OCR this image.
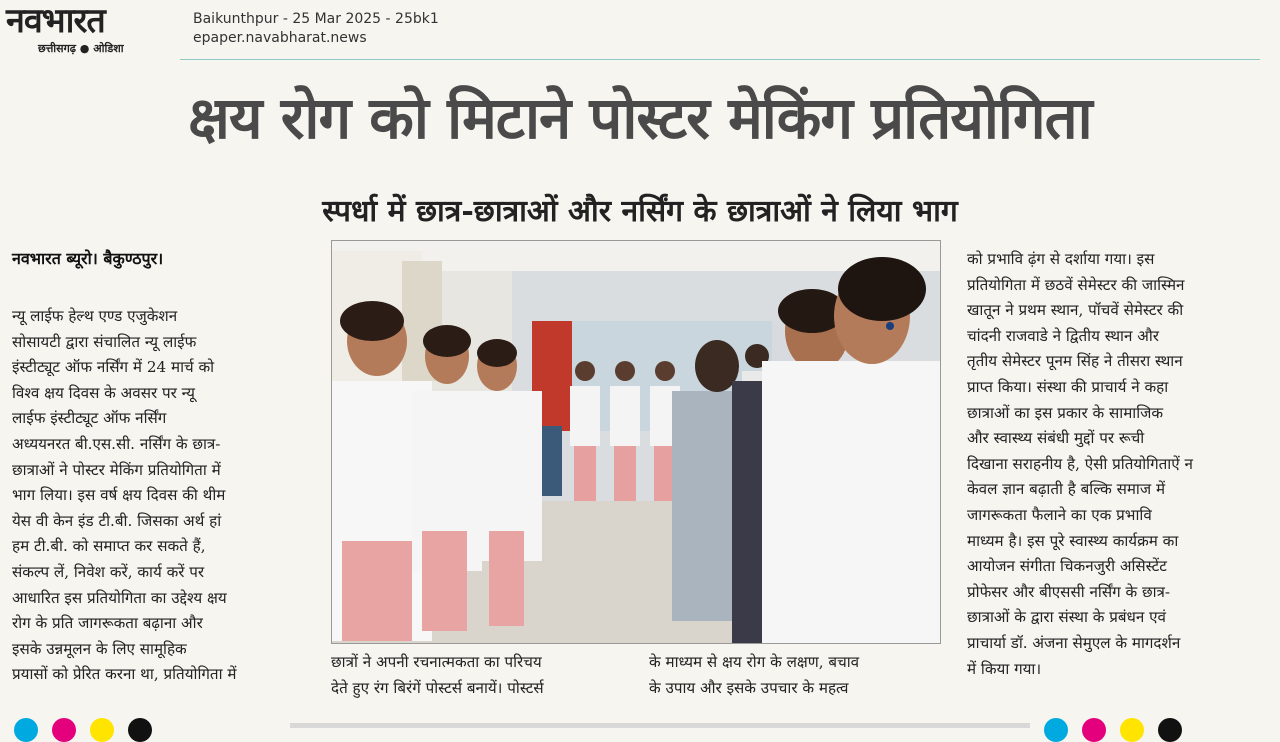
नवभारत
छत्तीसगढ़ ● ओडिशा
Baikunthpur - 25 Mar 2025 - 25bk1
epaper.navabharat.news
क्षय रोग को मिटाने पोस्टर मेकिंग प्रतियोगिता
स्पर्धा में छात्र-छात्राओं और नर्सिंग के छात्राओं ने लिया भाग
नवभारत ब्यूरो। बैकुण्ठपुर।
न्यू लाईफ हेल्थ एण्ड एजुकेशन
सोसायटी द्वारा संचालित न्यू लाईफ
इंस्टीट्यूट ऑफ नर्सिंग में 24 मार्च को
विश्व क्षय दिवस के अवसर पर न्यू
लाईफ इंस्टीट्यूट ऑफ नर्सिंग
अध्ययनरत बी.एस.सी. नर्सिंग के छात्र-
छात्राओं ने पोस्टर मेकिंग प्रतियोगिता में
भाग लिया। इस वर्ष क्षय दिवस की थीम
येस वी केन इंड टी.बी. जिसका अर्थ हां
हम टी.बी. को समाप्त कर सकते हैं,
संकल्प लें, निवेश करें, कार्य करें पर
आधारित इस प्रतियोगिता का उद्देश्य क्षय
रोग के प्रति जागरूकता बढ़ाना और
इसके उन्नमूलन के लिए सामूहिक
प्रयासों को प्रेरित करना था, प्रतियोगिता में
छात्रों ने अपनी रचनात्मकता का परिचय
देते हुए रंग बिरंगें पोस्टर्स बनायें। पोस्टर्स
के माध्यम से क्षय रोग के लक्षण, बचाव
के उपाय और इसके उपचार के महत्व
को प्रभावि ढ़ंग से दर्शाया गया। इस
प्रतियोगिता में छठवें सेमेस्टर की जास्मिन
खातून ने प्रथम स्थान, पॉचवें सेमेस्टर की
चांदनी राजवाडे ने द्वितीय स्थान और
तृतीय सेमेस्टर पूनम सिंह ने तीसरा स्थान
प्राप्त किया। संस्था की प्राचार्य ने कहा
छात्राओं का इस प्रकार के सामाजिक
और स्वास्थ्य संबंधी मुद्दों पर रूची
दिखाना सराहनीय है, ऐसी प्रतियोगिताऐं न
केवल ज्ञान बढ़ाती है बल्कि समाज में
जागरूकता फैलाने का एक प्रभावि
माध्यम है। इस पूरे स्वास्थ्य कार्यक्रम का
आयोजन संगीता चिकनजुरी असिस्टेंट
प्रोफेसर और बीएससी नर्सिंग के छात्र-
छात्राओं के द्वारा संस्था के प्रबंधन एवं
प्राचार्या डॉ. अंजना सेमुएल के मागदर्शन
में किया गया।
